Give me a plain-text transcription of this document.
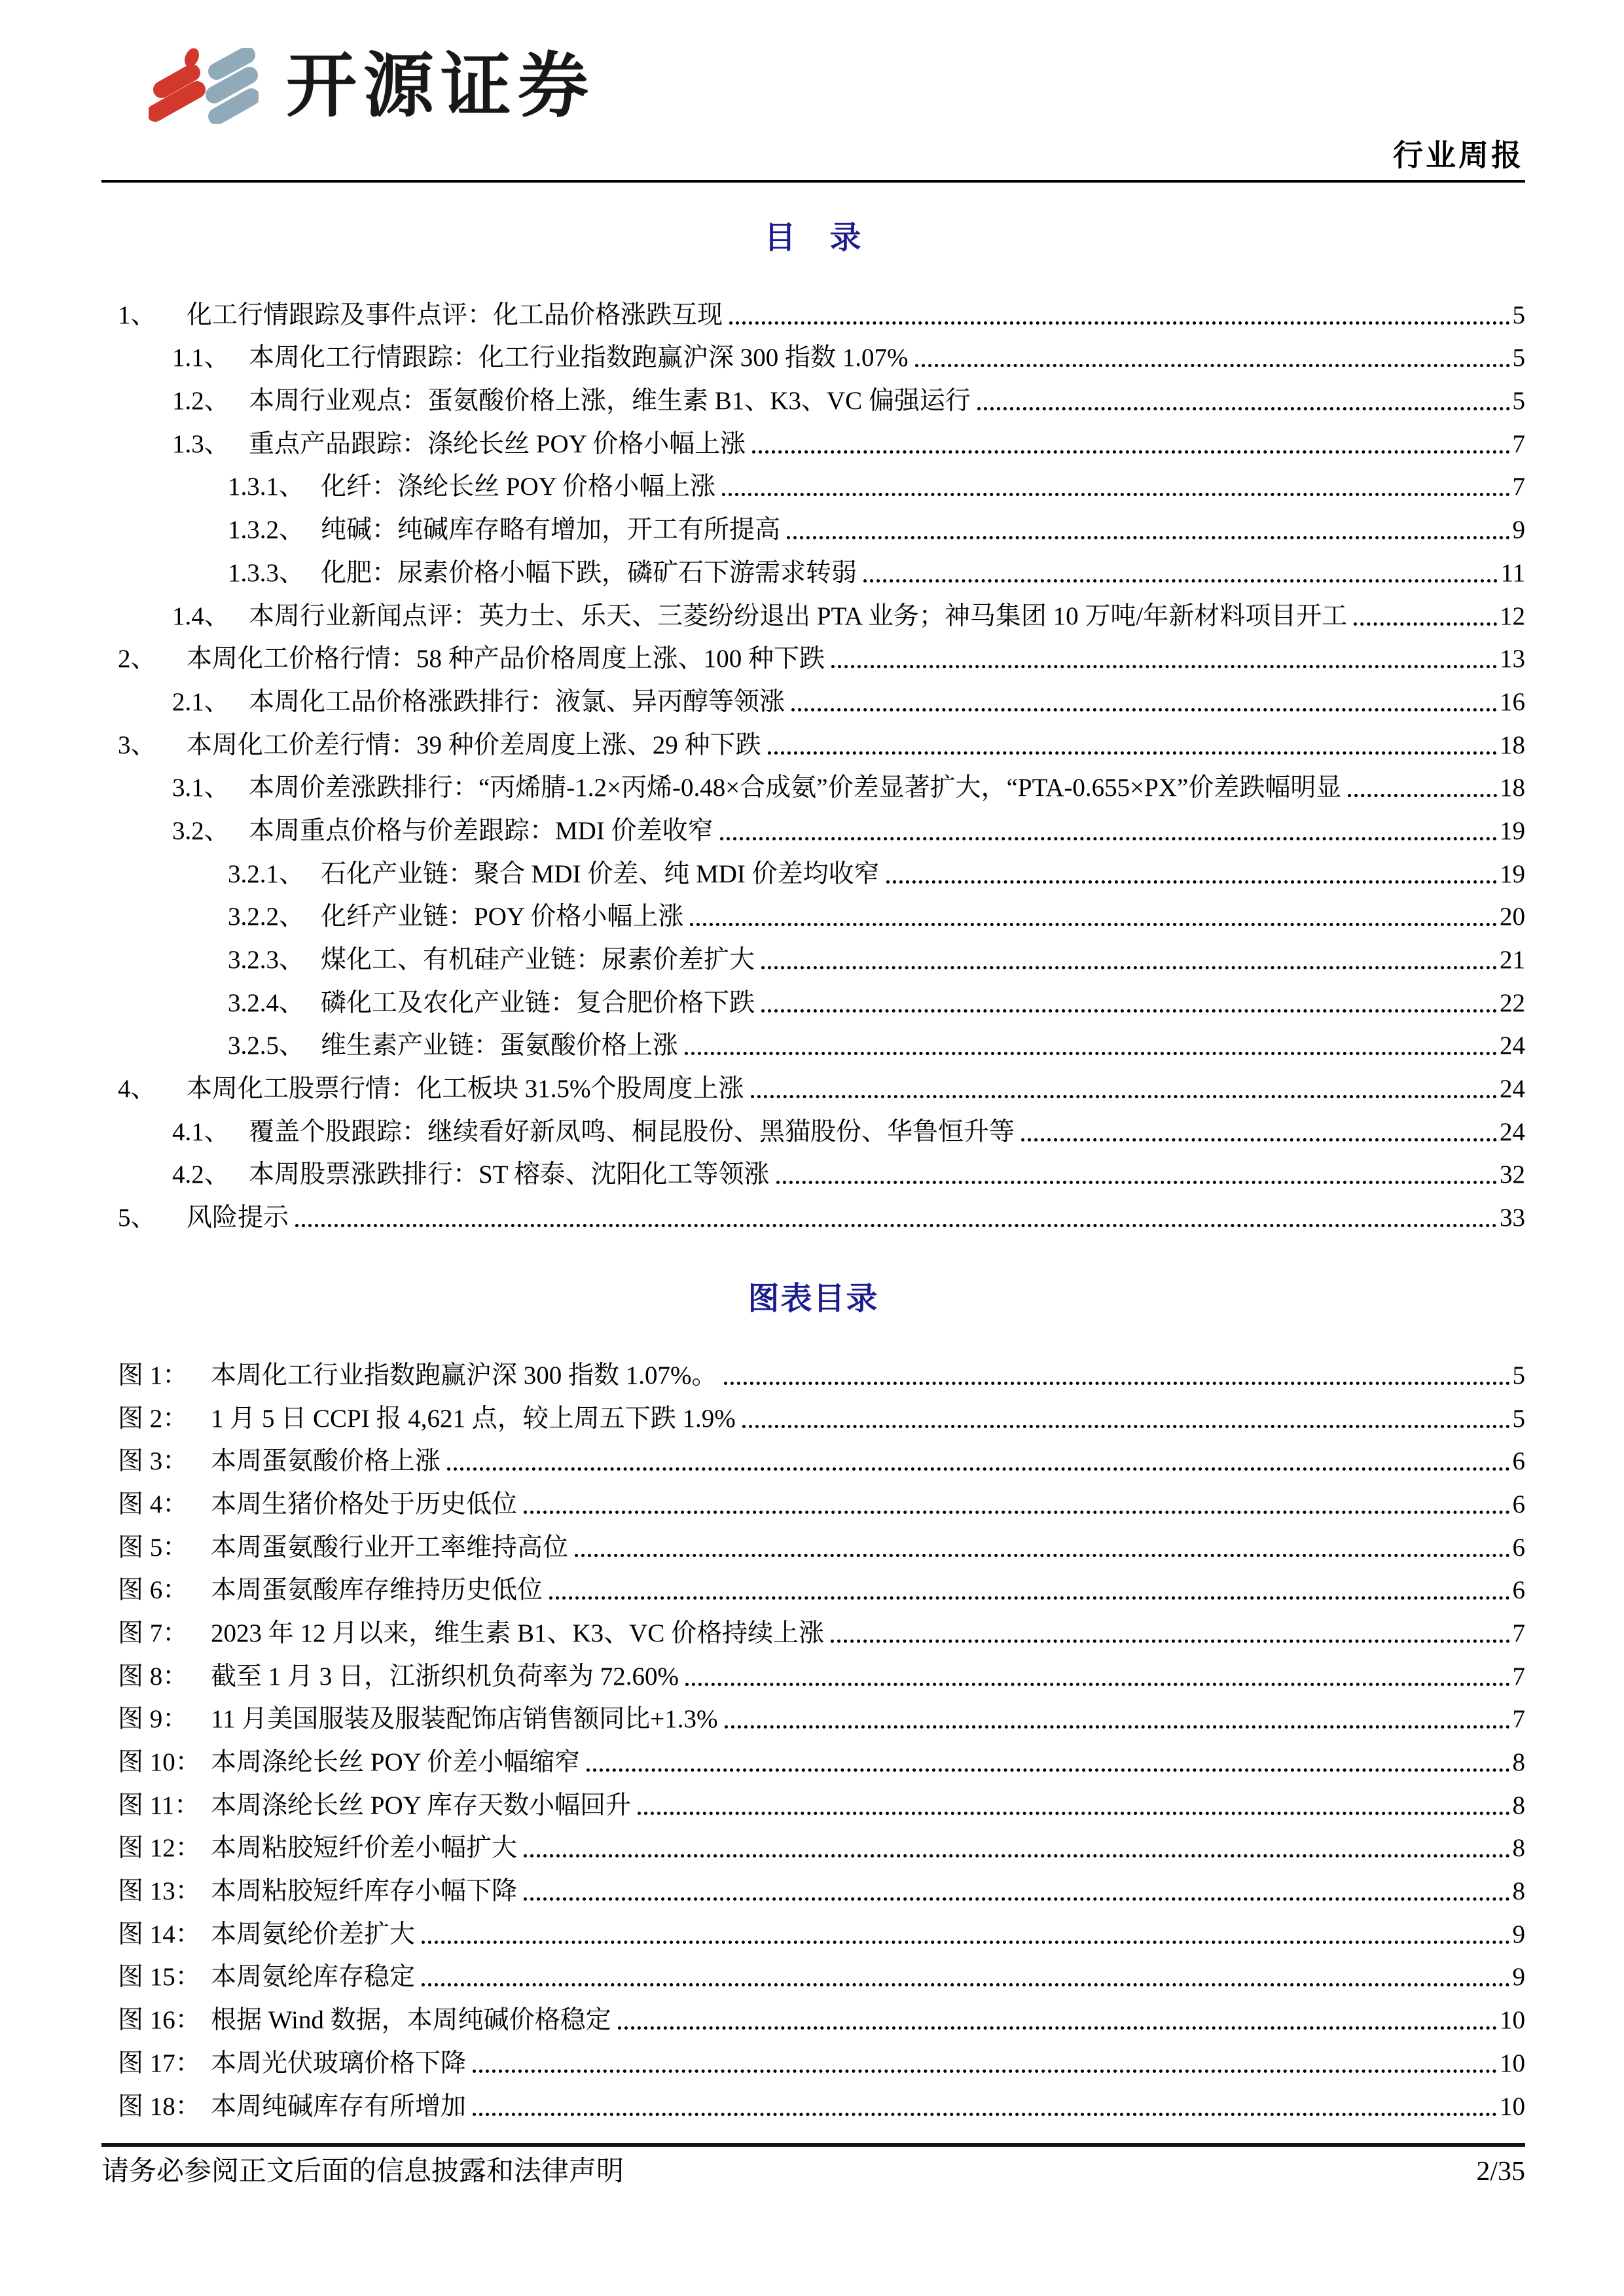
开源证券
行业周报
目　录
1、	化工行情跟踪及事件点评：化工品价格涨跌互现	5
1.1、 本周化工行情跟踪：化工行业指数跑赢沪深 300 指数 1.07%	5
1.2、 本周行业观点：蛋氨酸价格上涨，维生素 B1、K3、VC 偏强运行	5
1.3、 重点产品跟踪：涤纶长丝 POY 价格小幅上涨	7
1.3.1、 化纤：涤纶长丝 POY 价格小幅上涨	7
1.3.2、 纯碱：纯碱库存略有增加，开工有所提高	9
1.3.3、 化肥：尿素价格小幅下跌，磷矿石下游需求转弱	11
1.4、 本周行业新闻点评：英力士、乐天、三菱纷纷退出 PTA 业务；神马集团 10 万吨/年新材料项目开工	12
2、	本周化工价格行情：58 种产品价格周度上涨、100 种下跌	13
2.1、 本周化工品价格涨跌排行：液氯、异丙醇等领涨	16
3、	本周化工价差行情：39 种价差周度上涨、29 种下跌	18
3.1、 本周价差涨跌排行：“丙烯腈-1.2×丙烯-0.48×合成氨”价差显著扩大，“PTA-0.655×PX”价差跌幅明显	18
3.2、 本周重点价格与价差跟踪：MDI 价差收窄	19
3.2.1、 石化产业链：聚合 MDI 价差、纯 MDI 价差均收窄	19
3.2.2、 化纤产业链：POY 价格小幅上涨	20
3.2.3、 煤化工、有机硅产业链：尿素价差扩大	21
3.2.4、 磷化工及农化产业链：复合肥价格下跌	22
3.2.5、 维生素产业链：蛋氨酸价格上涨	24
4、	本周化工股票行情：化工板块 31.5%个股周度上涨	24
4.1、 覆盖个股跟踪：继续看好新凤鸣、桐昆股份、黑猫股份、华鲁恒升等	24
4.2、 本周股票涨跌排行：ST 榕泰、沈阳化工等领涨	32
5、	风险提示	33
图表目录
图 1： 本周化工行业指数跑赢沪深 300 指数 1.07%。	5
图 2： 1 月 5 日 CCPI 报 4,621 点，较上周五下跌 1.9%	5
图 3： 本周蛋氨酸价格上涨	6
图 4： 本周生猪价格处于历史低位	6
图 5： 本周蛋氨酸行业开工率维持高位	6
图 6： 本周蛋氨酸库存维持历史低位	6
图 7： 2023 年 12 月以来，维生素 B1、K3、VC 价格持续上涨	7
图 8： 截至 1 月 3 日，江浙织机负荷率为 72.60%	7
图 9： 11 月美国服装及服装配饰店销售额同比+1.3%	7
图 10： 本周涤纶长丝 POY 价差小幅缩窄	8
图 11： 本周涤纶长丝 POY 库存天数小幅回升	8
图 12： 本周粘胶短纤价差小幅扩大	8
图 13： 本周粘胶短纤库存小幅下降	8
图 14： 本周氨纶价差扩大	9
图 15： 本周氨纶库存稳定	9
图 16： 根据 Wind 数据，本周纯碱价格稳定	10
图 17： 本周光伏玻璃价格下降	10
图 18： 本周纯碱库存有所增加	10
请务必参阅正文后面的信息披露和法律声明	2/35
